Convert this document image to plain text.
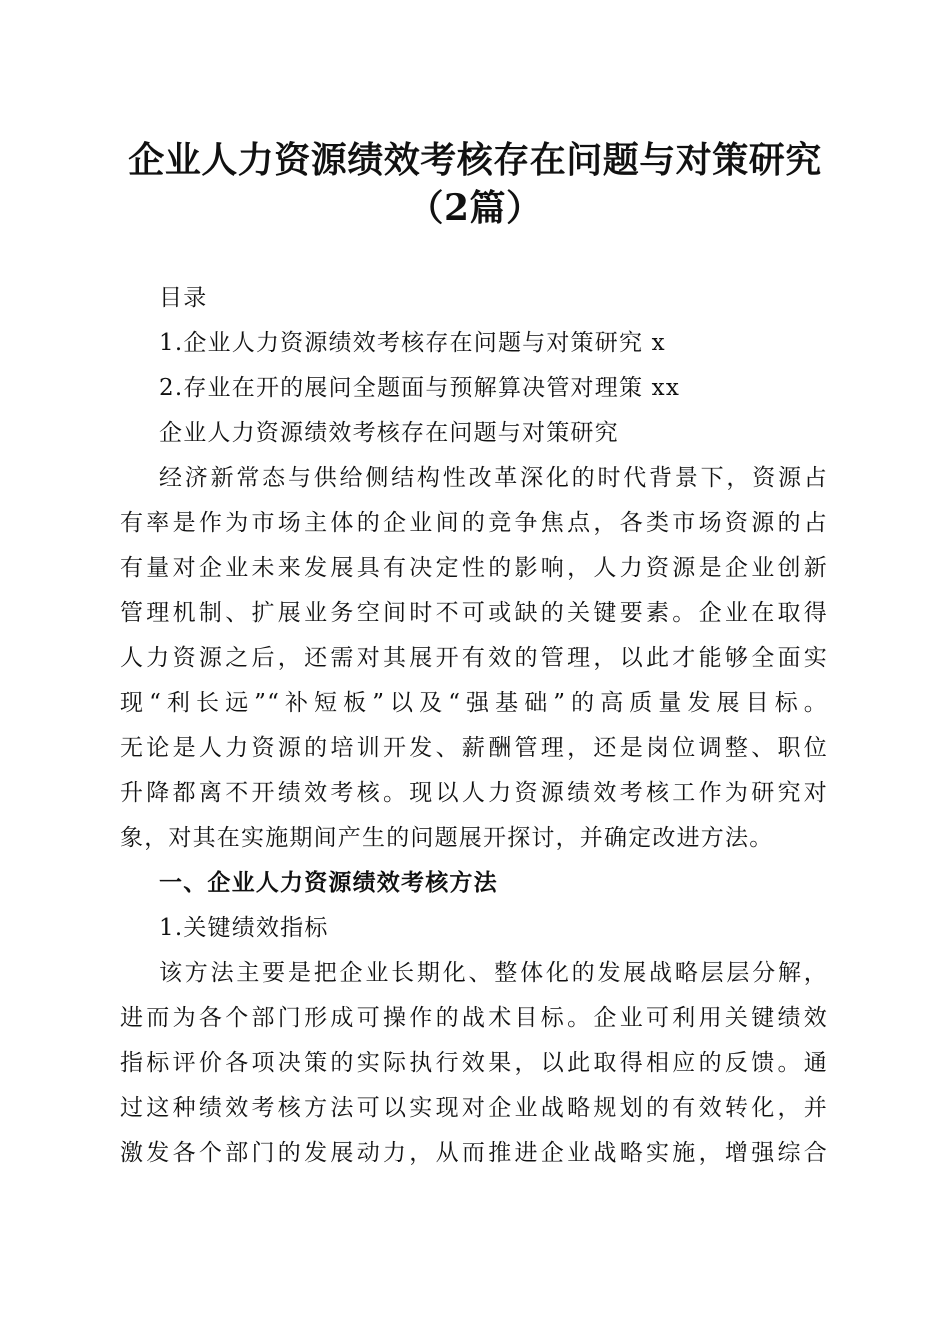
企业人力资源绩效考核存在问题与对策研究
（2篇）
目录
1.企业人力资源绩效考核存在问题与对策研究 x
2.存业在开的展问全题面与预解算决管对理策 xx
企业人力资源绩效考核存在问题与对策研究
经济新常态与供给侧结构性改革深化的时代背景下，资源占
有率是作为市场主体的企业间的竞争焦点，各类市场资源的占
有量对企业未来发展具有决定性的影响，人力资源是企业创新
管理机制、扩展业务空间时不可或缺的关键要素。企业在取得
人力资源之后，还需对其展开有效的管理，以此才能够全面实
现“利长远”“补短板”以及“强基础”的高质量发展目标。
无论是人力资源的培训开发、薪酬管理，还是岗位调整、职位
升降都离不开绩效考核。现以人力资源绩效考核工作为研究对
象，对其在实施期间产生的问题展开探讨，并确定改进方法。
一、企业人力资源绩效考核方法
1.关键绩效指标
该方法主要是把企业长期化、整体化的发展战略层层分解，
进而为各个部门形成可操作的战术目标。企业可利用关键绩效
指标评价各项决策的实际执行效果，以此取得相应的反馈。通
过这种绩效考核方法可以实现对企业战略规划的有效转化，并
激发各个部门的发展动力，从而推进企业战略实施，增强综合
